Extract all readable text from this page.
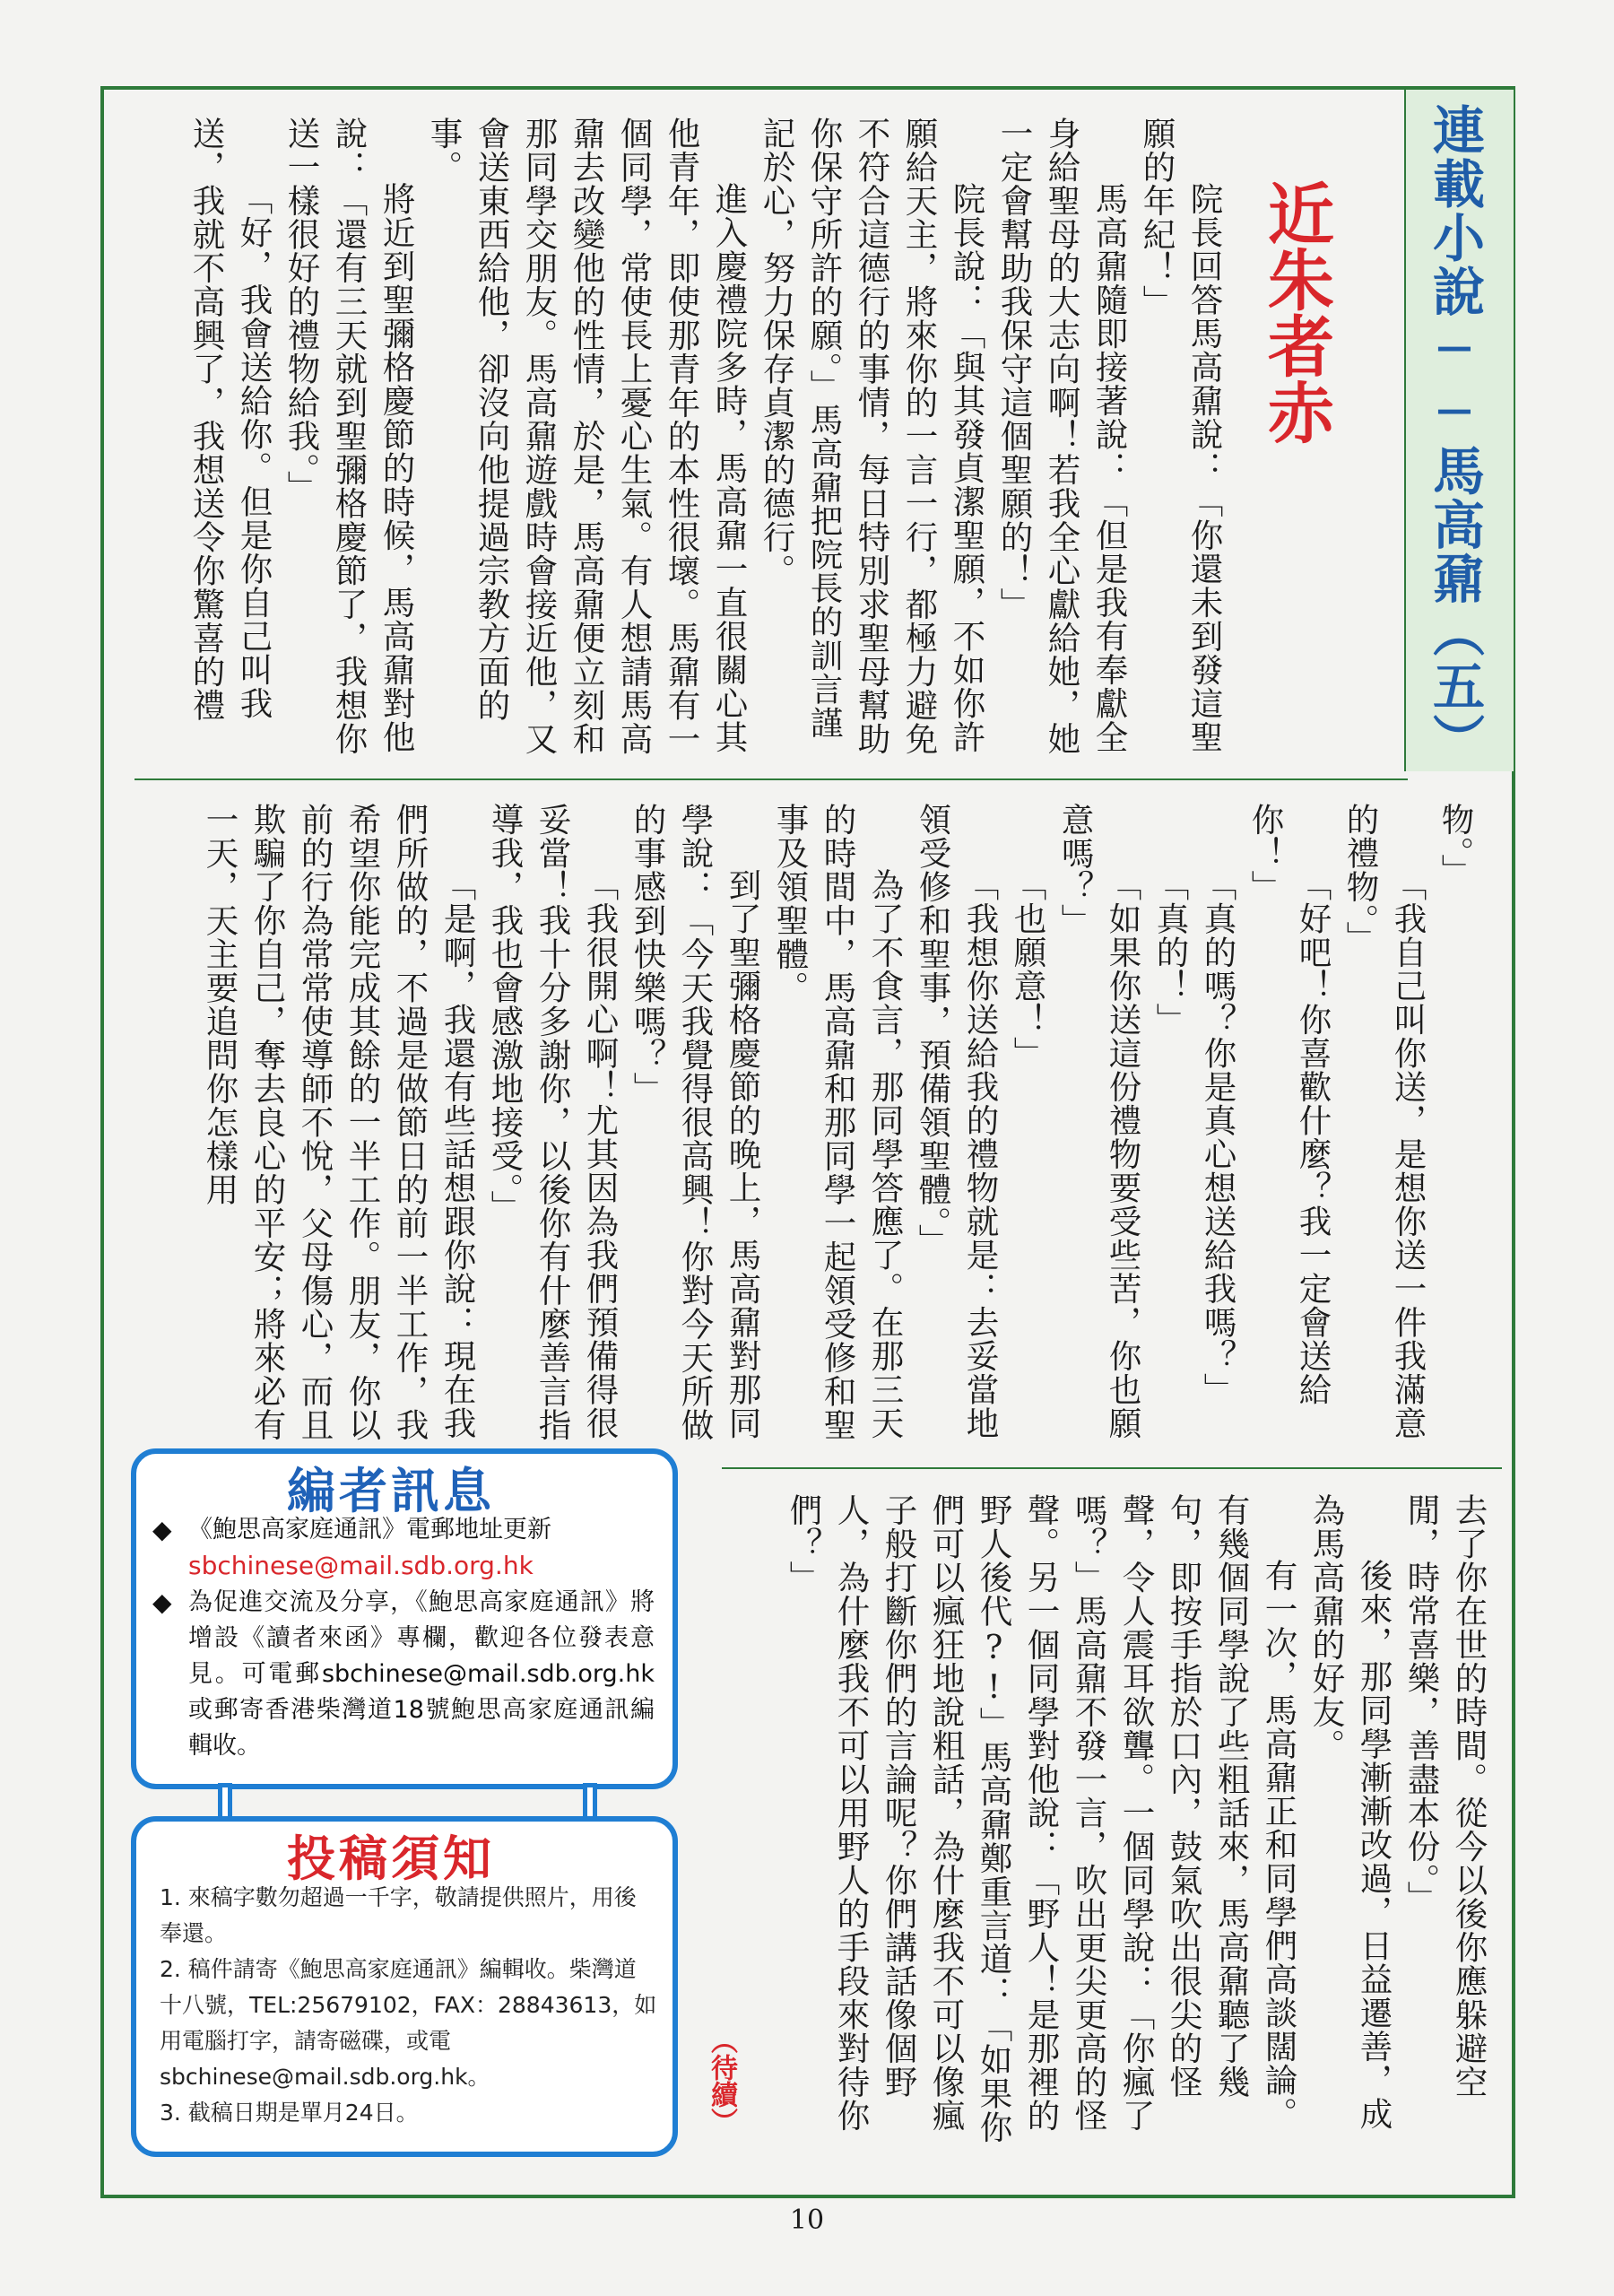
連載小說──馬高鼐（五）
近朱者赤

院長回答馬高鼐說：「你還未到發這聖願的年紀！」

馬高鼐隨即接著說：「但是我有奉獻全身給聖母的大志向啊！若我全心獻給她，她一定會幫助我保守這個聖願的！」

院長說：「與其發貞潔聖願，不如你許願給天主，將來你的一言一行，都極力避免不符合這德行的事情，每日特別求聖母幫助你保守所許的願。」馬高鼐把院長的訓言謹記於心，努力保存貞潔的德行。

進入慶禮院多時，馬高鼐一直很關心其他青年，即使那青年的本性很壞。馬鼐有一個同學，常使長上憂心生氣。有人想請馬高鼐去改變他的性情，於是，馬高鼐便立刻和那同學交朋友。馬高鼐遊戲時會接近他，又會送東西給他，卻沒向他提過宗教方面的事。

將近到聖彌格慶節的時候，馬高鼐對他說：「還有三天就到聖彌格慶節了，我想你送一樣很好的禮物給我。」

「好，我會送給你。但是你自己叫我送，我就不高興了，我想送令你驚喜的禮

物。」

「我自己叫你送，是想你送一件我滿意的禮物。」

「好吧！你喜歡什麼？我一定會送給你！」

「真的嗎？你是真心想送給我嗎？」

「真的！」

「如果你送這份禮物要受些苦，你也願意嗎？」

「也願意！」

「我想你送給我的禮物就是：去妥當地領受修和聖事，預備領聖體。」

為了不食言，那同學答應了。在那三天的時間中，馬高鼐和那同學一起領受修和聖事及領聖體。

到了聖彌格慶節的晚上，馬高鼐對那同學說：「今天我覺得很高興！你對今天所做的事感到快樂嗎？」

「我很開心啊！尤其因為我們預備得很妥當！我十分多謝你，以後你有什麼善言指導我，我也會感激地接受。」

「是啊，我還有些話想跟你說：現在我們所做的，不過是做節日的前一半工作，我希望你能完成其餘的一半工作。朋友，你以前的行為常常使導師不悅，父母傷心，而且欺騙了你自己，奪去良心的平安；將來必有一天，天主要追問你怎樣用

去了你在世的時間。從今以後你應躲避空閒，時常喜樂，善盡本份。」

後來，那同學漸漸改過，日益遷善，成為馬高鼐的好友。

有一次，馬高鼐正和同學們高談闊論。有幾個同學說了些粗話來，馬高鼐聽了幾句，即按手指於口內，鼓氣吹出很尖的怪聲，令人震耳欲聾。一個同學說：「你瘋了嗎？」馬高鼐不發一言，吹出更尖更高的怪聲。另一個同學對他說：「野人！是那裡的野人後代?!」馬高鼐鄭重言道：「如果你們可以瘋狂地說粗話，為什麼我不可以像瘋子般打斷你們的言論呢？你們講話像個野人，為什麼我不可以用野人的手段來對待你們？」

（待續）
編者訊息
◆ 《鮑思高家庭通訊》電郵地址更新
sbchinese@mail.sdb.org.hk
◆ 為促進交流及分享，《鮑思高家庭通訊》將增設《讀者來函》專欄，歡迎各位發表意見。可電郵sbchinese@mail.sdb.org.hk或郵寄香港柴灣道18號鮑思高家庭通訊編輯收。
投稿須知
1. 來稿字數勿超過一千字，敬請提供照片，用後奉還。
2. 稿件請寄《鮑思高家庭通訊》編輯收。柴灣道十八號，TEL:25679102，FAX：28843613，如用電腦打字，請寄磁碟，或電 sbchinese@mail.sdb.org.hk。
3. 截稿日期是單月24日。
10
